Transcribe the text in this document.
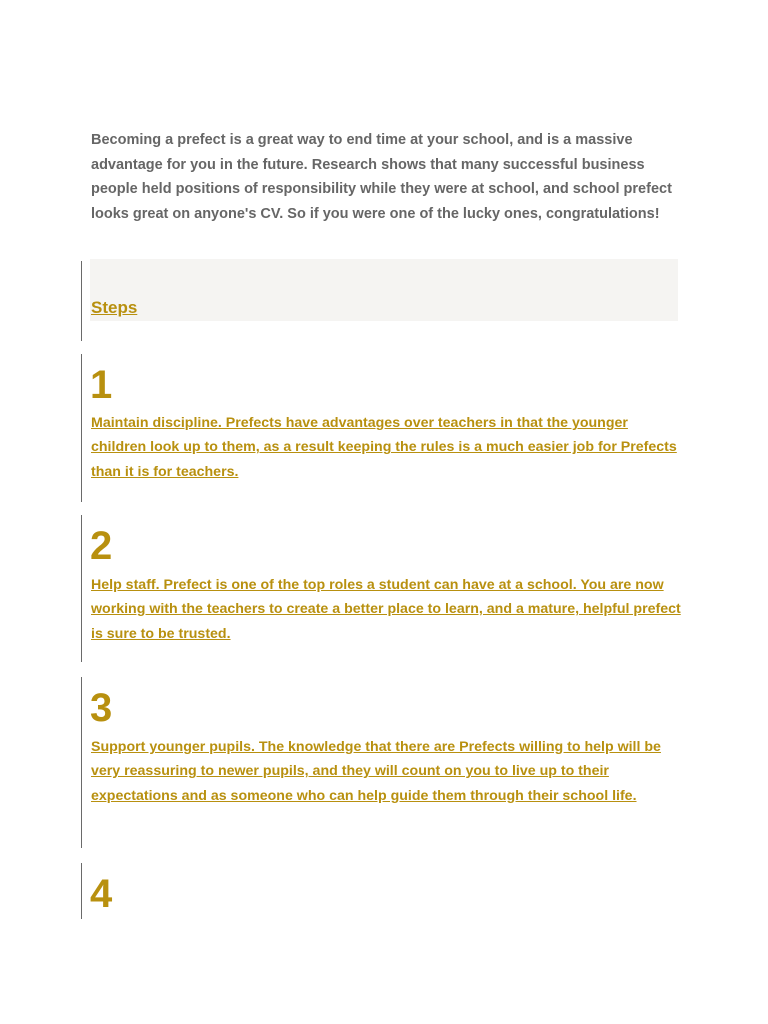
Becoming a prefect is a great way to end time at your school, and is a massive advantage for you in the future. Research shows that many successful business people held positions of responsibility while they were at school, and school prefect looks great on anyone's CV. So if you were one of the lucky ones, congratulations!

Steps
1

Maintain discipline. Prefects have advantages over teachers in that the younger children look up to them, as a result keeping the rules is a much easier job for Prefects than it is for teachers.

2

Help staff. Prefect is one of the top roles a student can have at a school. You are now working with the teachers to create a better place to learn, and a mature, helpful prefect is sure to be trusted.

3

Support younger pupils. The knowledge that there are Prefects willing to help will be very reassuring to newer pupils, and they will count on you to live up to their expectations and as someone who can help guide them through their school life.

4
